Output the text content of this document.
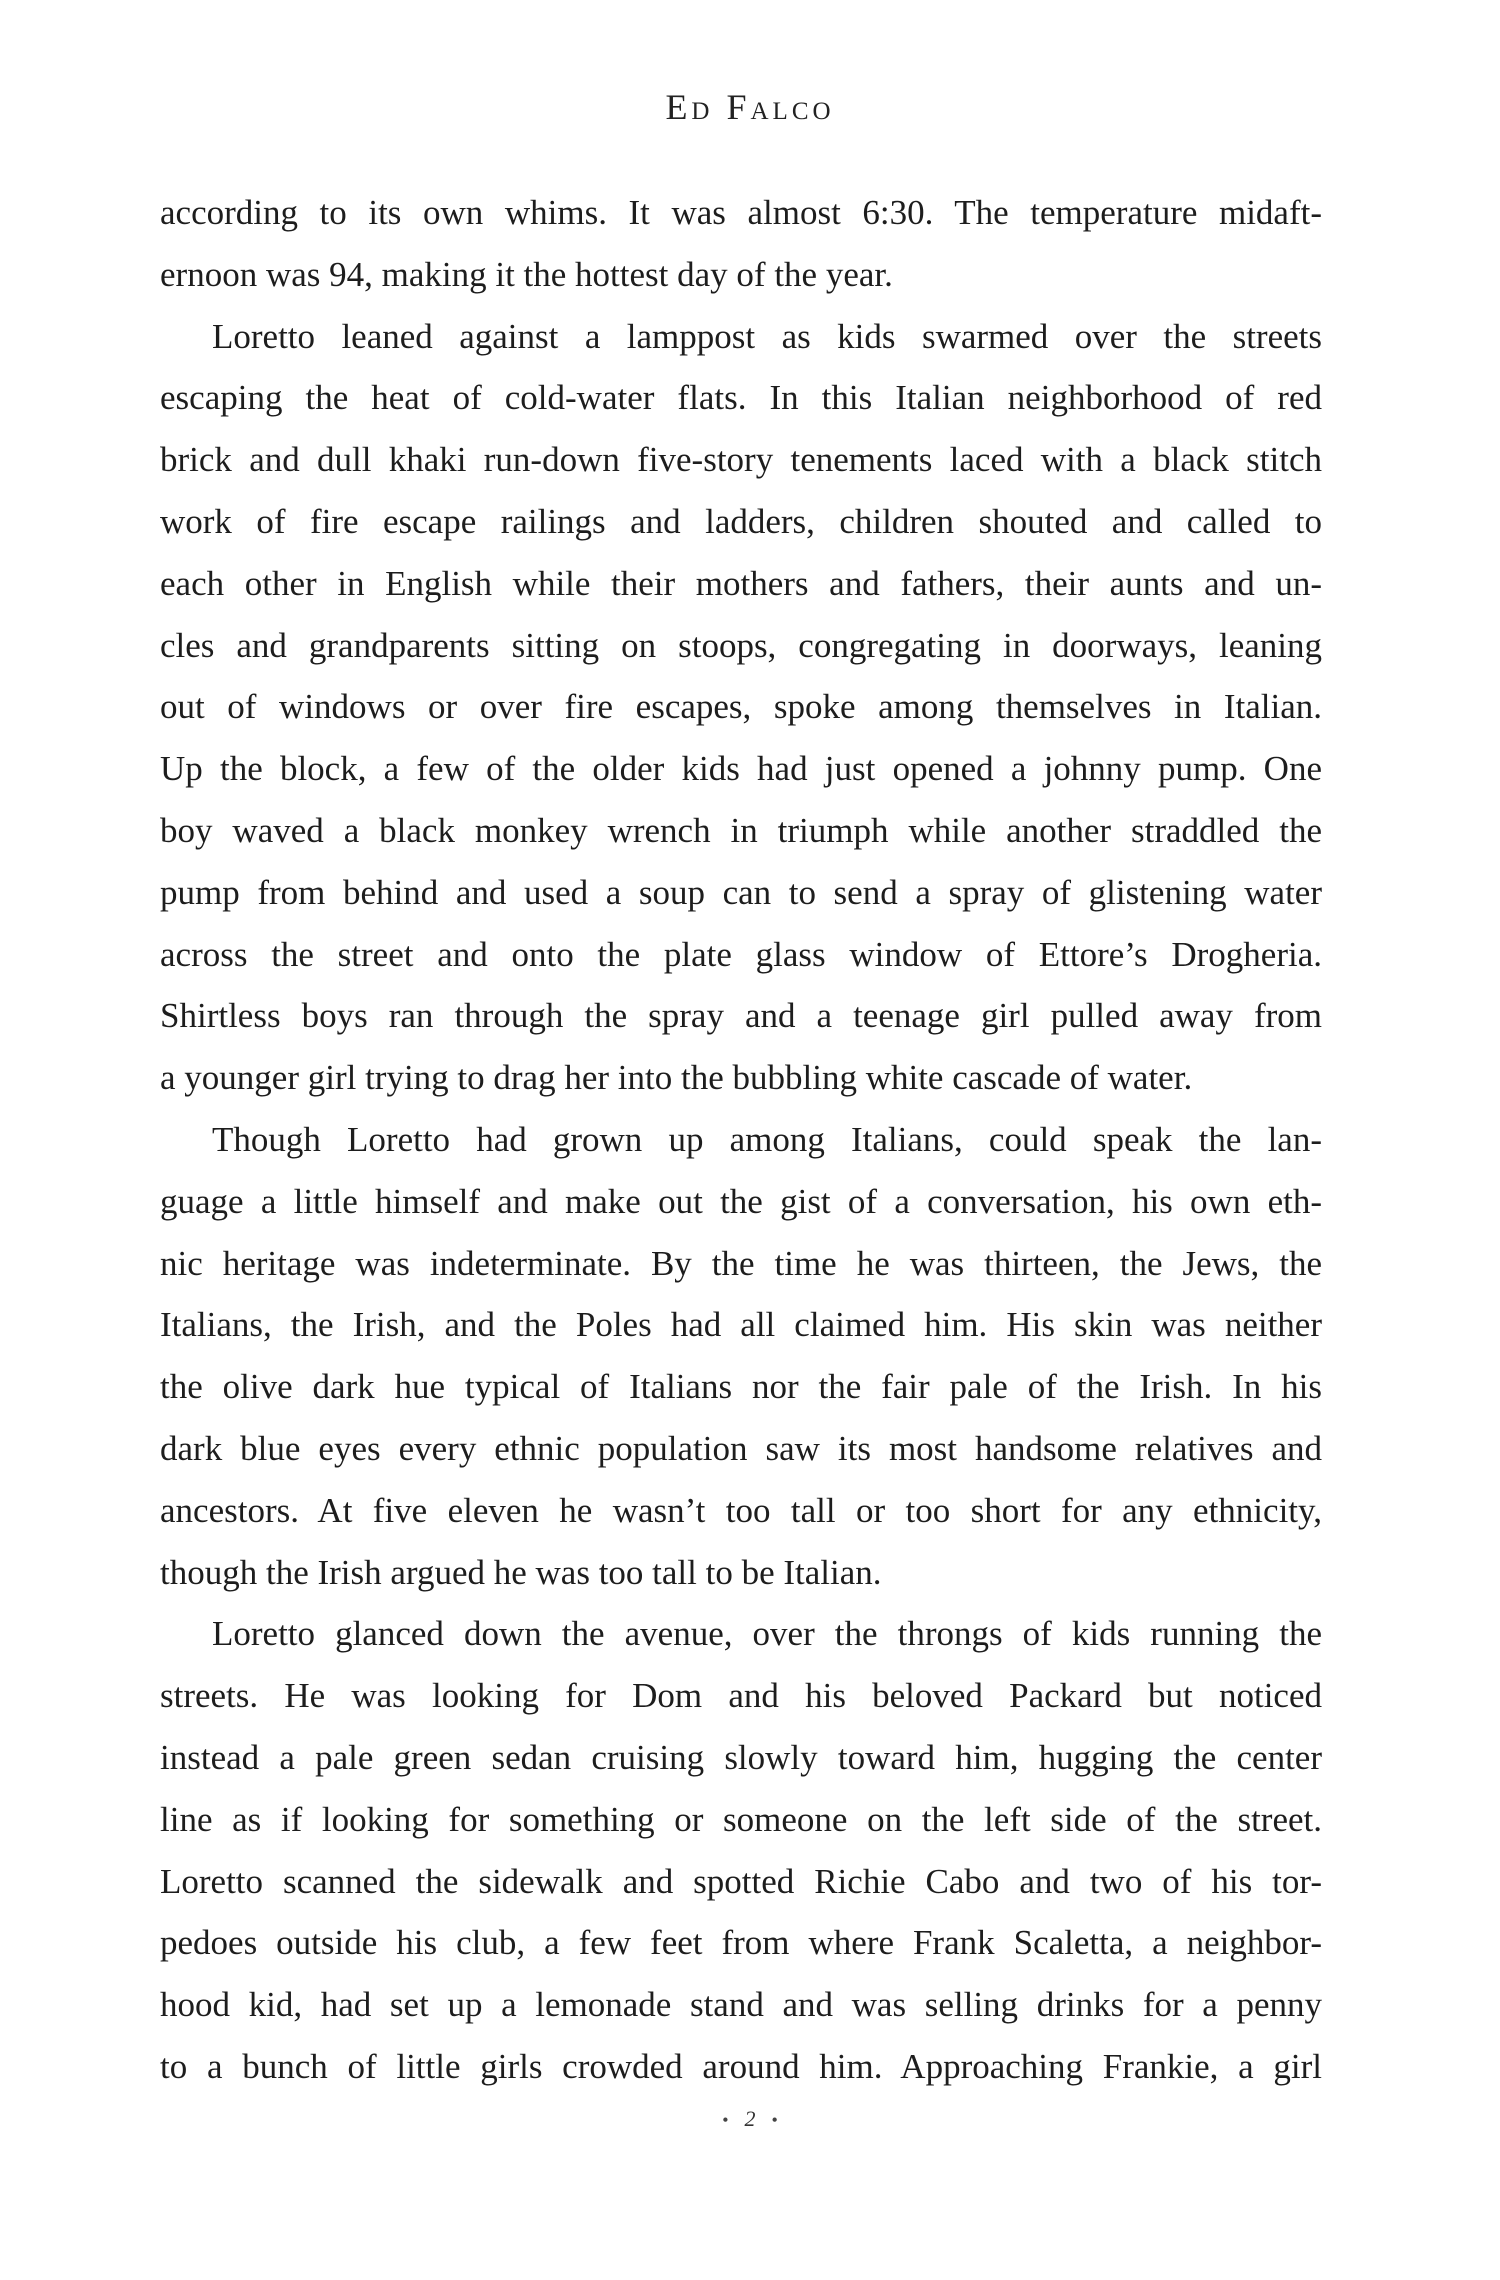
Ed Falco
according to its own whims. It was almost 6:30. The temperature midaft-
ernoon was 94, making it the hottest day of the year.
Loretto leaned against a lamppost as kids swarmed over the streets
escaping the heat of cold-water flats. In this Italian neighborhood of red
brick and dull khaki run-down five-story tenements laced with a black stitch
work of fire escape railings and ladders, children shouted and called to
each other in English while their mothers and fathers, their aunts and un-
cles and grandparents sitting on stoops, congregating in doorways, leaning
out of windows or over fire escapes, spoke among themselves in Italian.
Up the block, a few of the older kids had just opened a johnny pump. One
boy waved a black monkey wrench in triumph while another straddled the
pump from behind and used a soup can to send a spray of glistening water
across the street and onto the plate glass window of Ettore’s Drogheria.
Shirtless boys ran through the spray and a teenage girl pulled away from
a younger girl trying to drag her into the bubbling white cascade of water.
Though Loretto had grown up among Italians, could speak the lan-
guage a little himself and make out the gist of a conversation, his own eth-
nic heritage was indeterminate. By the time he was thirteen, the Jews, the
Italians, the Irish, and the Poles had all claimed him. His skin was neither
the olive dark hue typical of Italians nor the fair pale of the Irish. In his
dark blue eyes every ethnic population saw its most handsome relatives and
ancestors. At five eleven he wasn’t too tall or too short for any ethnicity,
though the Irish argued he was too tall to be Italian.
Loretto glanced down the avenue, over the throngs of kids running the
streets. He was looking for Dom and his beloved Packard but noticed
instead a pale green sedan cruising slowly toward him, hugging the center
line as if looking for something or someone on the left side of the street.
Loretto scanned the sidewalk and spotted Richie Cabo and two of his tor-
pedoes outside his club, a few feet from where Frank Scaletta, a neighbor-
hood kid, had set up a lemonade stand and was selling drinks for a penny
to a bunch of little girls crowded around him. Approaching Frankie, a girl
• 2 •
